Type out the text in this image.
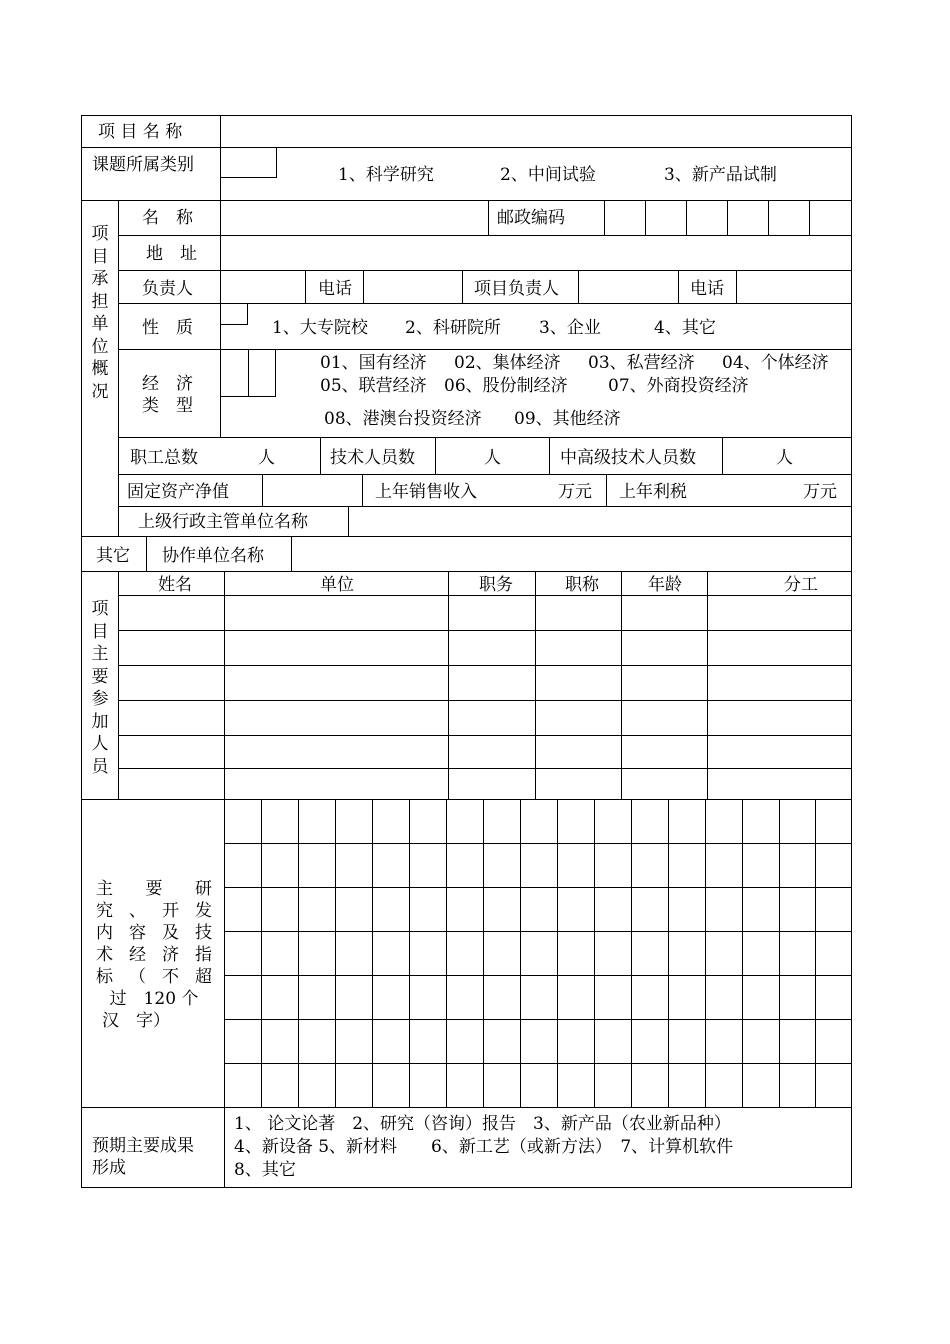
项 目 名 称
课题所属类别	1、科学研究	2、中间试验	3、新产品试制
项
目
承
担
单
位
概
况
名　称	邮政编码
地　址
负责人	电话	项目负责人	电话
性　质	1、大专院校 2、科研院所 3、企业	4、其它
经　济
类　型
01、国有经济 02、集体经济 03、私营经济 04、个体经济
05、联营经济 06、股份制经济 07、外商投资经济
08、港澳台投资经济 09、其他经济
职工总数	人	技术人员数	人	中高级技术人员数	人
固定资产净值	上年销售收入	万元 上年利税	万元
上级行政主管单位名称
其它 协作单位名称
项
目
主
要
参
加
人
员
姓名	单位	职务	职称	年龄	分工
主　要　研
究 、 开 发
内 容 及 技
术 经 济 指
标 （ 不 超
过　120 个
汉　字）
预期主要成果
形成
1、 论文论著　2、研究（咨询）报告　3、新产品（农业新品种）
4、新设备 5、新材料　　6、新工艺（或新方法）　7、计算机软件
8、其它
